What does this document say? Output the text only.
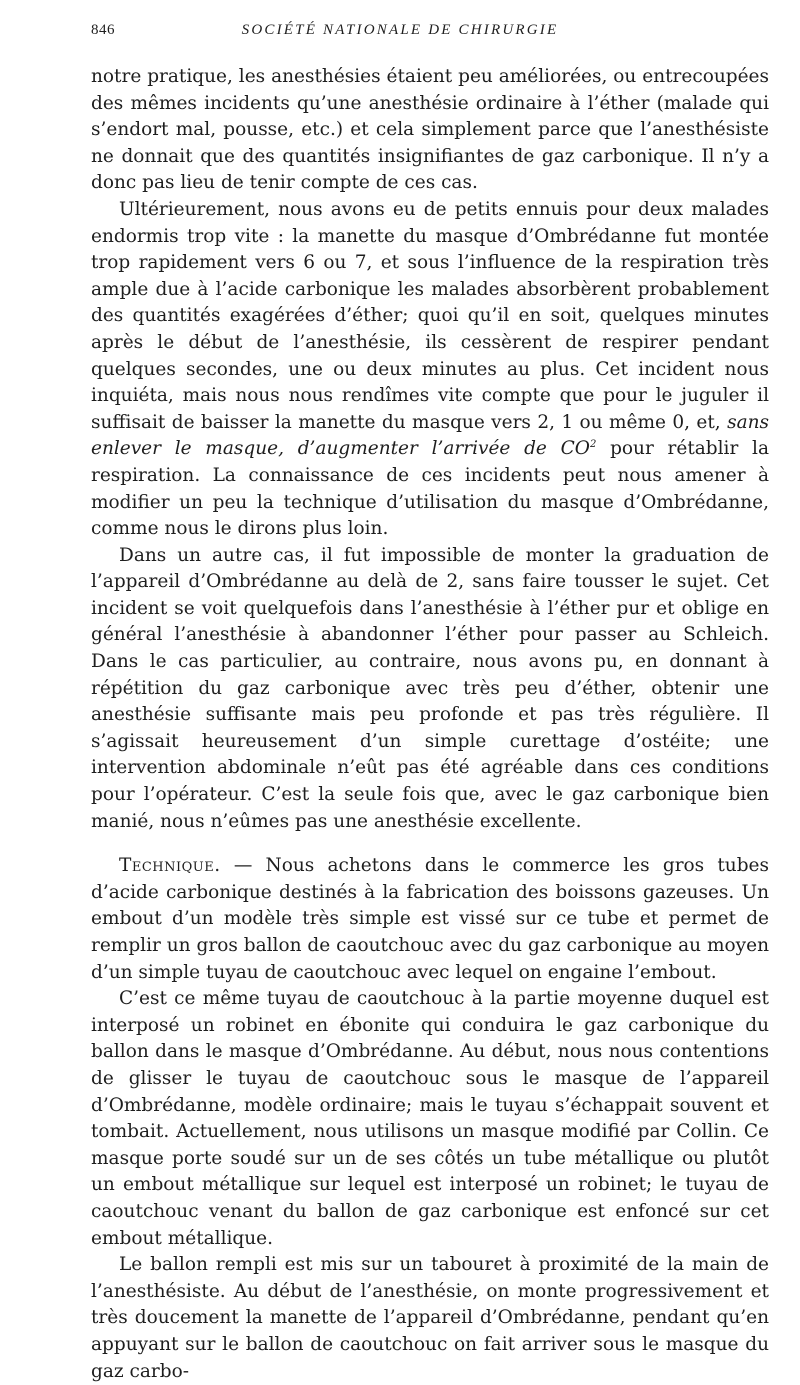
846	SOCIÉTÉ NATIONALE DE CHIRURGIE

notre pratique, les anesthésies étaient peu améliorées, ou entrecoupées des mêmes incidents qu’une anesthésie ordinaire à l’éther (malade qui s’endort mal, pousse, etc.) et cela simplement parce que l’anesthésiste ne donnait que des quantités insignifiantes de gaz carbonique. Il n’y a donc pas lieu de tenir compte de ces cas.

Ultérieurement, nous avons eu de petits ennuis pour deux malades endormis trop vite : la manette du masque d’Ombrédanne fut montée trop rapidement vers 6 ou 7, et sous l’influence de la respiration très ample due à l’acide carbonique les malades absorbèrent probablement des quantités exagérées d’éther; quoi qu’il en soit, quelques minutes après le début de l’anesthésie, ils cessèrent de respirer pendant quelques secondes, une ou deux minutes au plus. Cet incident nous inquiéta, mais nous nous rendîmes vite compte que pour le juguler il suffisait de baisser la manette du masque vers 2, 1 ou même 0, et, sans enlever le masque, d’augmenter l’arrivée de $CO^2$ pour rétablir la respiration. La connaissance de ces incidents peut nous amener à modifier un peu la technique d’utilisation du masque d’Ombrédanne, comme nous le dirons plus loin.

Dans un autre cas, il fut impossible de monter la graduation de l’appareil d’Ombrédanne au delà de 2, sans faire tousser le sujet. Cet incident se voit quelquefois dans l’anesthésie à l’éther pur et oblige en général l’anesthésie à abandonner l’éther pour passer au Schleich. Dans le cas particulier, au contraire, nous avons pu, en donnant à répétition du gaz carbonique avec très peu d’éther, obtenir une anesthésie suffisante mais peu profonde et pas très régulière. Il s’agissait heureusement d’un simple curettage d’ostéite; une intervention abdominale n’eût pas été agréable dans ces conditions pour l’opérateur. C’est la seule fois que, avec le gaz carbonique bien manié, nous n’eûmes pas une anesthésie excellente.

Technique. — Nous achetons dans le commerce les gros tubes d’acide carbonique destinés à la fabrication des boissons gazeuses. Un embout d’un modèle très simple est vissé sur ce tube et permet de remplir un gros ballon de caoutchouc avec du gaz carbonique au moyen d’un simple tuyau de caoutchouc avec lequel on engaine l’embout.

C’est ce même tuyau de caoutchouc à la partie moyenne duquel est interposé un robinet en ébonite qui conduira le gaz carbonique du ballon dans le masque d’Ombrédanne. Au début, nous nous contentions de glisser le tuyau de caoutchouc sous le masque de l’appareil d’Ombrédanne, modèle ordinaire; mais le tuyau s’échappait souvent et tombait. Actuellement, nous utilisons un masque modifié par Collin. Ce masque porte soudé sur un de ses côtés un tube métallique ou plutôt un embout métallique sur lequel est interposé un robinet; le tuyau de caoutchouc venant du ballon de gaz carbonique est enfoncé sur cet embout métallique.

Le ballon rempli est mis sur un tabouret à proximité de la main de l’anesthésiste. Au début de l’anesthésie, on monte progressivement et très doucement la manette de l’appareil d’Ombrédanne, pendant qu’en appuyant sur le ballon de caoutchouc on fait arriver sous le masque du gaz carbo-
